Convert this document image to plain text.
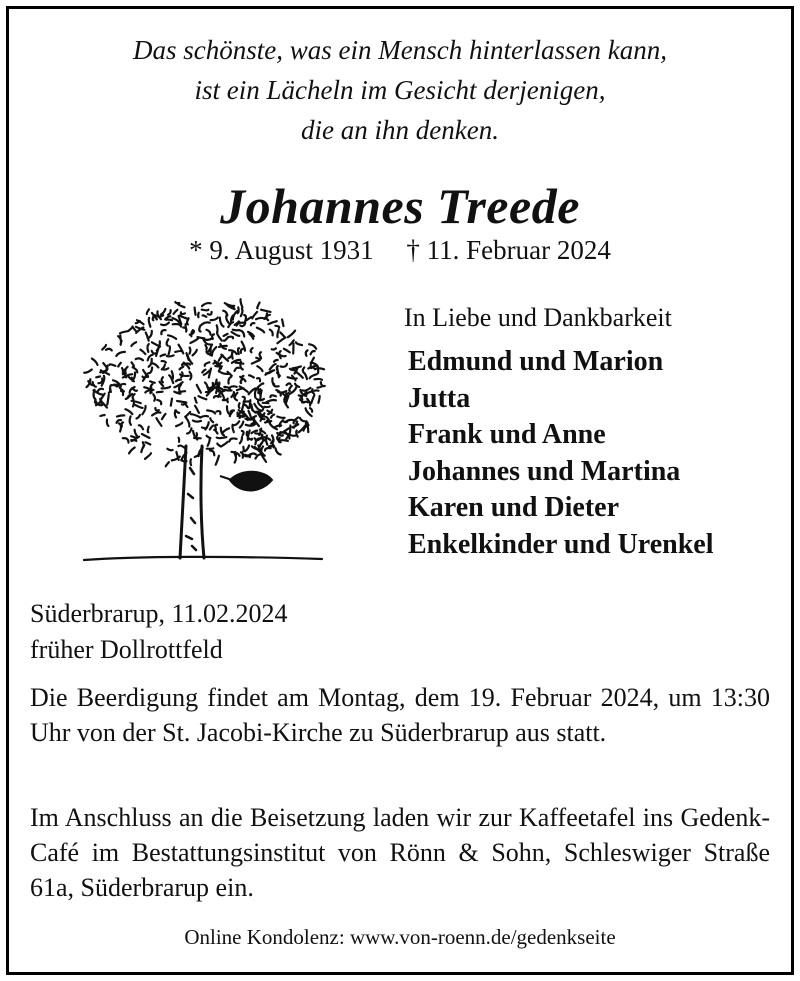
Das schönste, was ein Mensch hinterlassen kann,
ist ein Lächeln im Gesicht derjenigen,
die an ihn denken.
Johannes Treede
* 9. August 1931 † 11. Februar 2024
In Liebe und Dankbarkeit
Edmund und Marion
Jutta
Frank und Anne
Johannes und Martina
Karen und Dieter
Enkelkinder und Urenkel
Süderbrarup, 11.02.2024
früher Dollrottfeld

Die Beerdigung findet am Montag, dem 19. Februar 2024, um 13:30 Uhr von der St. Jacobi-Kirche zu Süderbrarup aus statt.

Im Anschluss an die Beisetzung laden wir zur Kaffeetafel ins Gedenk-Café im Bestattungsinstitut von Rönn & Sohn, Schleswiger Straße 61a, Süderbrarup ein.

Online Kondolenz: www.von-roenn.de/gedenkseite
